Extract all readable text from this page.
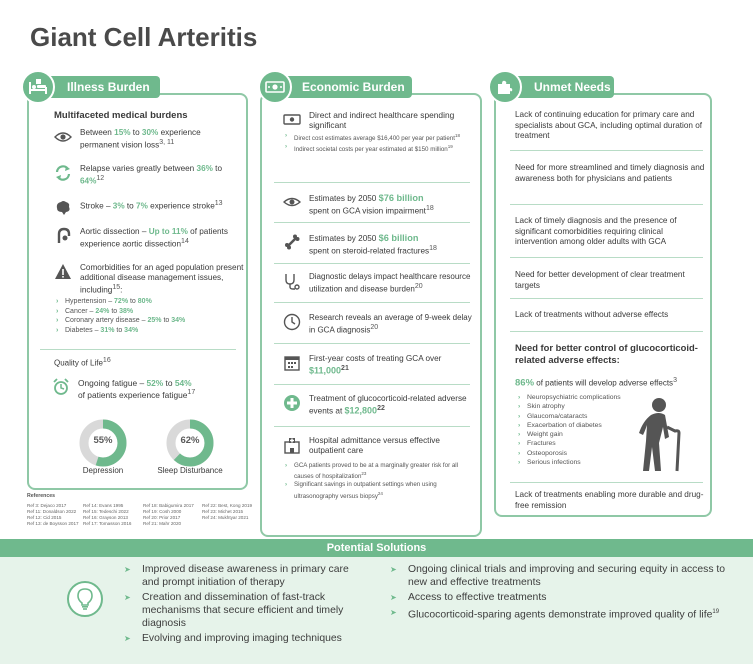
Giant Cell Arteritis
Illness Burden
Multifaceted medical burdens
Between 15% to 30% experience permanent vision loss$^{3, 11}$
Relapse varies greatly between 36% to 64%$^{12}$
Stroke – 3% to 7% experience stroke$^{13}$
Aortic dissection – Up to 11% of patients experience aortic dissection$^{14}$
Comorbidities for an aged population present additional disease management issues, including$^{15}$:
› Hypertension – 72% to 80%
› Cancer – 24% to 38%
› Coronary artery disease – 25% to 34%
› Diabetes – 31% to 34%
Quality of Life$^{16}$
Ongoing fatigue – 52% to 54%
of patients experience fatigue$^{17}$
55%
Depression
62%
Sleep Disturbance
Economic Burden
Direct and indirect healthcare spending significant
› Direct cost estimates average $16,400 per year per patient$^{18}$
› Indirect societal costs per year estimated at $150 million$^{19}$
Estimates by 2050 $76 billion
spent on GCA vision impairment$^{18}$
Estimates by 2050 $6 billion
spent on steroid-related fractures$^{18}$
Diagnostic delays impact healthcare resource utilization and disease burden$^{20}$
Research reveals an average of 9-week delay in GCA diagnosis$^{20}$
First-year costs of treating GCA over $11,000$^{21}$
Treatment of glucocorticoid-related adverse events at $12,800$^{22}$
Hospital admittance versus effective outpatient care
› GCA patients proved to be at a marginally greater risk for all causes of hospitalization$^{23}$
› Significant savings in outpatient settings when using ultrasonography versus biopsy$^{24}$
Unmet Needs
Lack of continuing education for primary care and specialists about GCA, including optimal duration of treatment
Need for more streamlined and timely diagnosis and awareness both for physicians and patients
Lack of timely diagnosis and the presence of significant comorbidities requiring clinical intervention among older adults with GCA
Need for better development of clear treatment targets
Lack of treatments without adverse effects
Need for better control of glucocorticoid-related adverse effects:
86% of patients will develop adverse effects$^3$
› Neuropsychiatric complications
› Skin atrophy
› Glaucoma/cataracts
› Exacerbation of diabetes
› Weight gain
› Fractures
› Osteoporosis
› Serious infections
Lack of treatments enabling more durable and drug-free remission
References
Ref 3: Dejaco 2017
Ref 11: Donaldson 2022
Ref 12: Cid 2015
Ref 13: de Boysson 2017
Ref 14: Evans 1995
Ref 15: Tedeschi 2022
Ref 16: Grayson 2013
Ref 17: Tomasson 2016
Ref 18: Babigumira 2017
Ref 19: Cosh 2000
Ref 20: Prior 2017
Ref 21: Mahr 2020
Ref 22: Best, Kong 2019
Ref 23: Michet 2015
Ref 24: Mukhtyar 2021
Potential Solutions
➤ Improved disease awareness in primary care and prompt initiation of therapy
➤ Creation and dissemination of fast-track mechanisms that secure efficient and timely diagnosis
➤ Evolving and improving imaging techniques
➤ Ongoing clinical trials and improving and securing equity in access to new and effective treatments
➤ Access to effective treatments
➤ Glucocorticoid-sparing agents demonstrate improved quality of life$^{19}$
